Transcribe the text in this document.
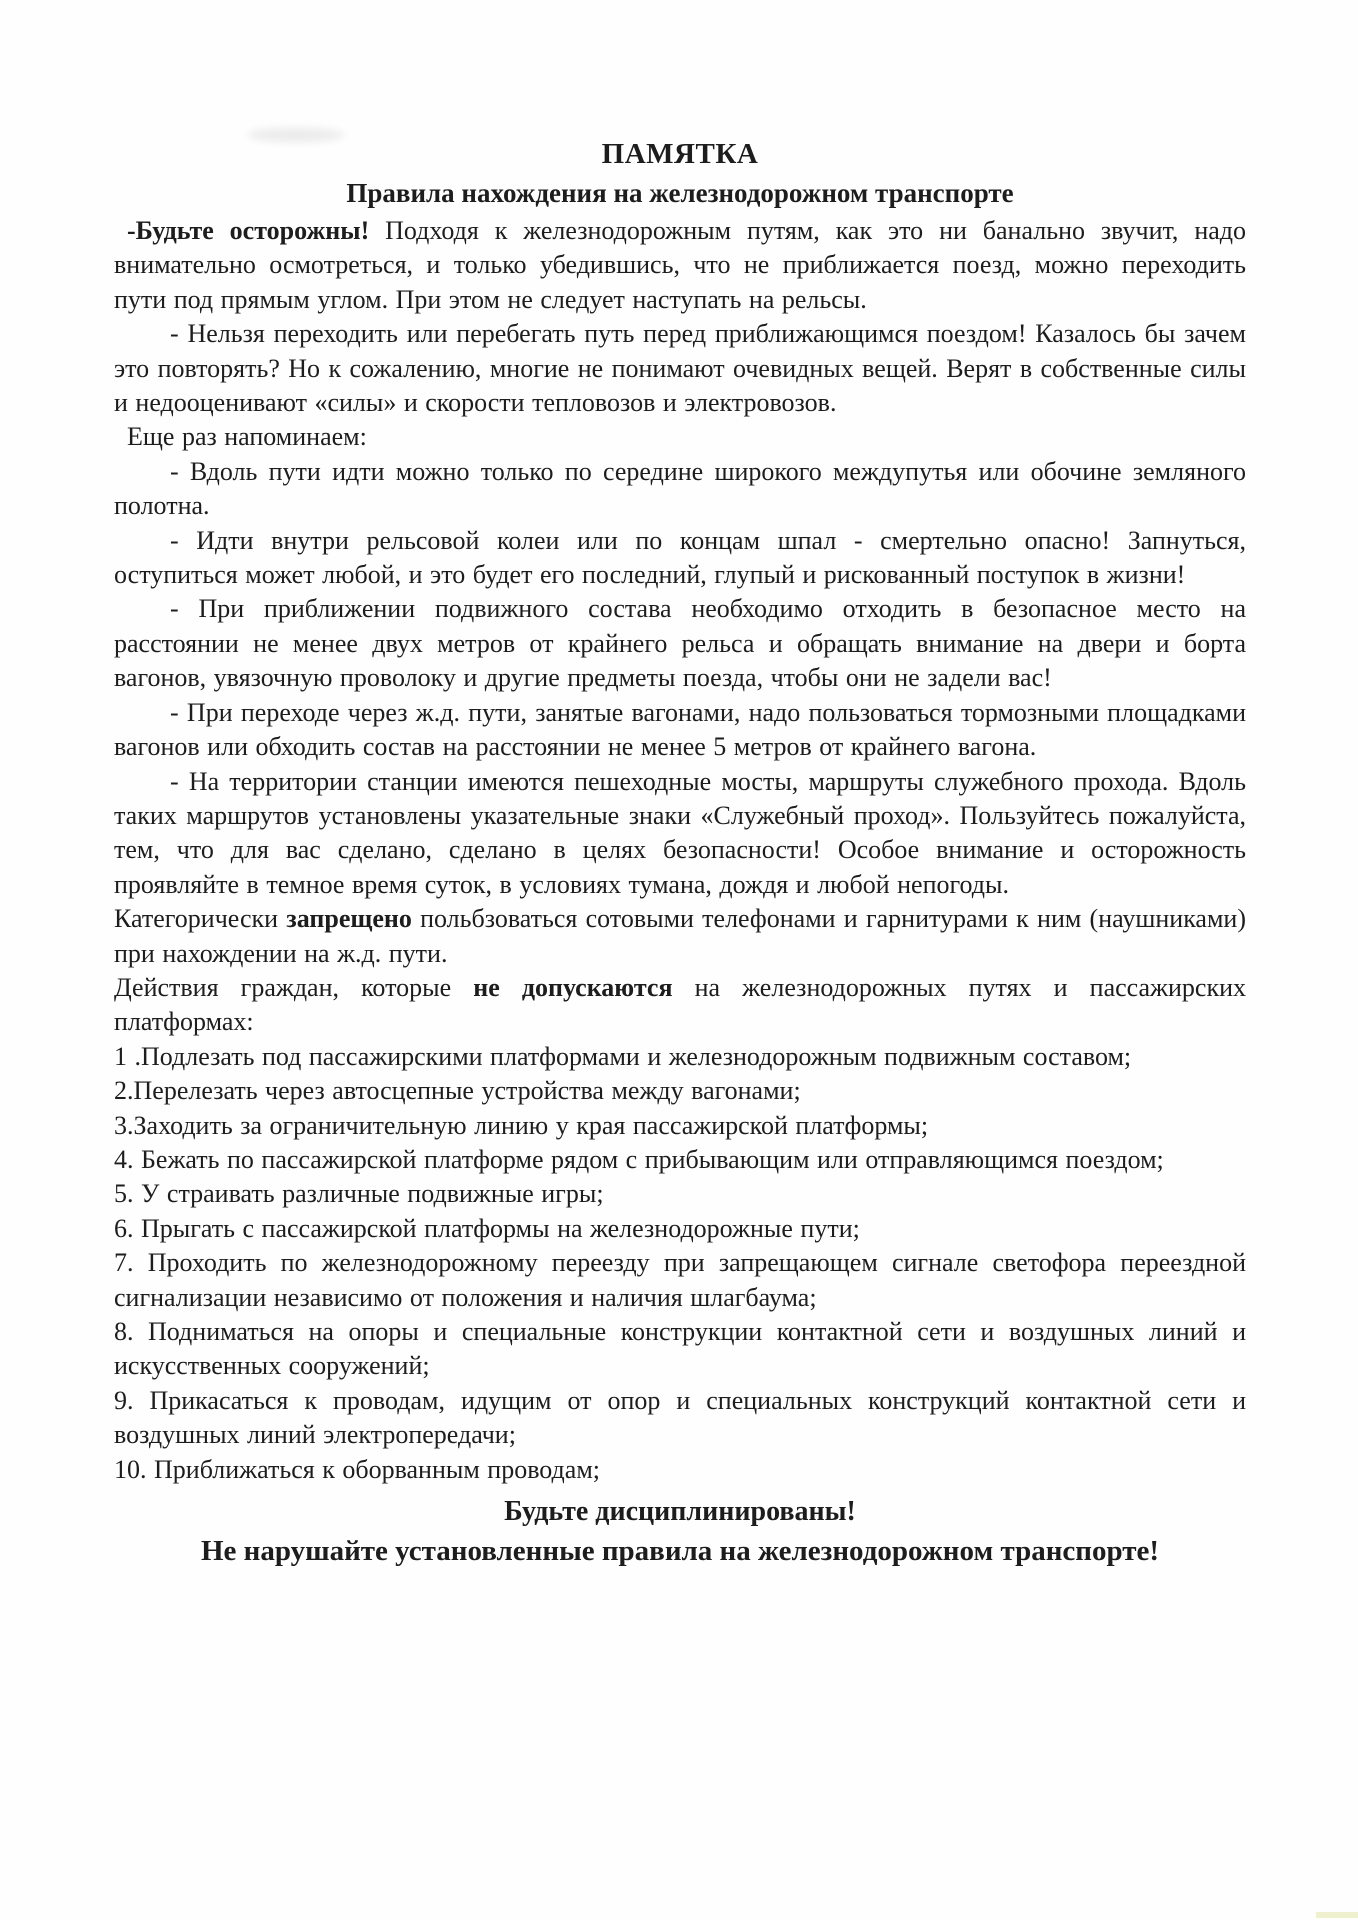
ПАМЯТКА
Правила нахождения на железнодорожном транспорте

-Будьте осторожны! Подходя к железнодорожным путям, как это ни банально звучит, надо внимательно осмотреться, и только убедившись, что не приближается поезд, можно переходить пути под прямым углом. При этом не следует наступать на рельсы.

- Нельзя переходить или перебегать путь перед приближающимся поездом! Казалось бы зачем это повторять? Но к сожалению, многие не понимают очевидных вещей. Верят в собственные силы и недооценивают «силы» и скорости тепловозов и электровозов.

Еще раз напоминаем:

- Вдоль пути идти можно только по середине широкого междупутья или обочине земляного полотна.

- Идти внутри рельсовой колеи или по концам шпал - смертельно опасно! Запнуться, оступиться может любой, и это будет его последний, глупый и рискованный поступок в жизни!

- При приближении подвижного состава необходимо отходить в безопасное место на расстоянии не менее двух метров от крайнего рельса и обращать внимание на двери и борта вагонов, увязочную проволоку и другие предметы поезда, чтобы они не задели вас!

- При переходе через ж.д. пути, занятые вагонами, надо пользоваться тормозными площадками вагонов или обходить состав на расстоянии не менее 5 метров от крайнего вагона.

- На территории станции имеются пешеходные мосты, маршруты служебного прохода. Вдоль таких маршрутов установлены указательные знаки «Служебный проход». Пользуйтесь пожалуйста, тем, что для вас сделано, сделано в целях безопасности! Особое внимание и осторожность проявляйте в темное время суток, в условиях тумана, дождя и любой непогоды.

Категорически запрещено польбзоваться сотовыми телефонами и гарнитурами к ним (наушниками) при нахождении на ж.д. пути.

Действия граждан, которые не допускаются на железнодорожных путях и пассажирских платформах:

1 .Подлезать под пассажирскими платформами и железнодорожным подвижным составом;

2.Перелезать через автосцепные устройства между вагонами;

3.Заходить за ограничительную линию у края пассажирской платформы;

4. Бежать по пассажирской платформе рядом с прибывающим или отправляющимся поездом;

5. У страивать различные подвижные игры;

6. Прыгать с пассажирской платформы на железнодорожные пути;

7. Проходить по железнодорожному переезду при запрещающем сигнале светофора переездной сигнализации независимо от положения и наличия шлагбаума;

8. Подниматься на опоры и специальные конструкции контактной сети и воздушных линий и искусственных сооружений;

9. Прикасаться к проводам, идущим от опор и специальных конструкций контактной сети и воздушных линий электропередачи;

10. Приближаться к оборванным проводам;

Будьте дисциплинированы!

Не нарушайте установленные правила на железнодорожном транспорте!
